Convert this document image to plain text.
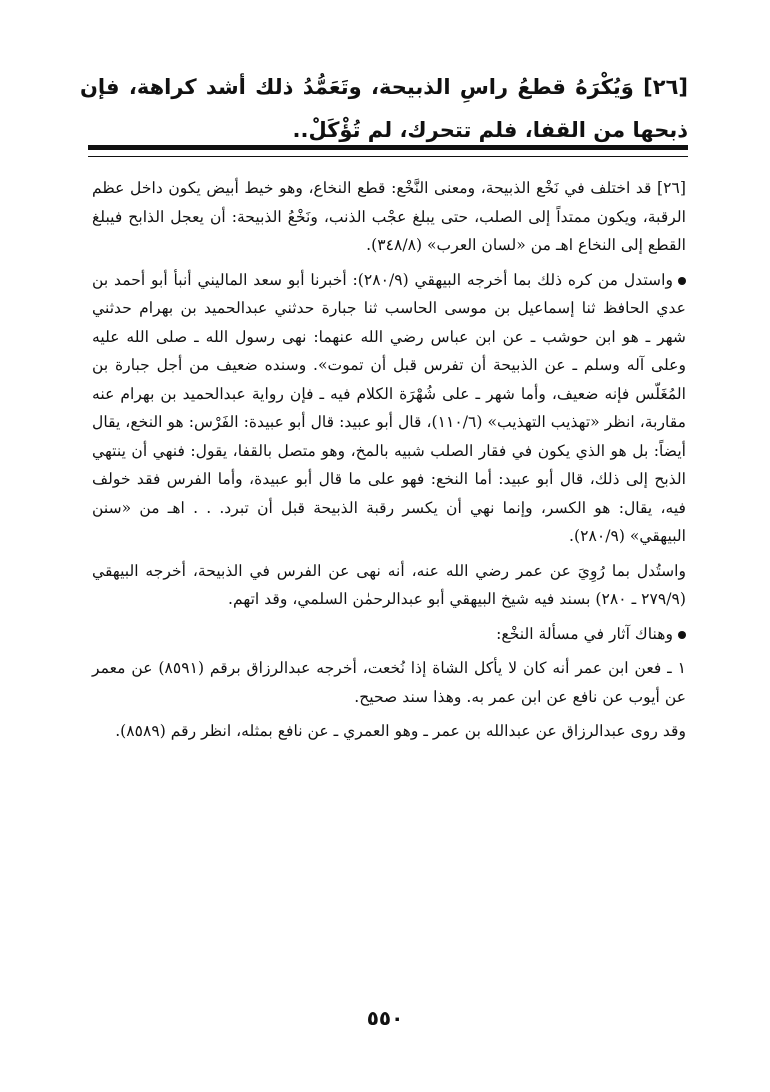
[٢٦] وَيُكْرَهُ قطعُ راسِ الذبيحة، وتَعَمُّدُ ذلك أشد كراهة، فإن ذبحها من القفا، فلم تتحرك، لم تُؤْكَلْ..

[٢٦] قد اختلف في نَخْع الذبيحة، ومعنى النَّخْع: قطع النخاع، وهو خيط أبيض يكون داخل عظم الرقبة، ويكون ممتداً إلى الصلب، حتى يبلغ عجْب الذنب، ونَخْعُ الذبيحة: أن يعجل الذابح فيبلغ القطع إلى النخاع اهـ من «لسان العرب» (٣٤٨/٨).

واستدل من كره ذلك بما أخرجه البيهقي (٢٨٠/٩): أخبرنا أبو سعد الماليني أنبأ أبو أحمد بن عدي الحافظ ثنا إسماعيل بن موسى الحاسب ثنا جبارة حدثني عبدالحميد بن بهرام حدثني شهر ـ هو ابن حوشب ـ عن ابن عباس رضي الله عنهما: نهى رسول الله ـ صلى الله عليه وعلى آله وسلم ـ عن الذبيحة أن تفرس قبل أن تموت». وسنده ضعيف من أجل جبارة بن المُغَلّس فإنه ضعيف، وأما شهر ـ على شُهْرَة الكلام فيه ـ فإن رواية عبدالحميد بن بهرام عنه مقاربة، انظر «تهذيب التهذيب» (١١٠/٦)، قال أبو عبيد: قال أبو عبيدة: الفَرْس: هو النخع، يقال أيضاً: بل هو الذي يكون في فقار الصلب شبيه بالمخ، وهو متصل بالقفا، يقول: فنهي أن ينتهي الذبح إلى ذلك، قال أبو عبيد: أما النخع: فهو على ما قال أبو عبيدة، وأما الفرس فقد خولف فيه، يقال: هو الكسر، وإنما نهي أن يكسر رقبة الذبيحة قبل أن تبرد. . . اهـ من «سنن البيهقي» (٢٨٠/٩).

واستُدل بما رُوِيَ عن عمر رضي الله عنه، أنه نهى عن الفرس في الذبيحة، أخرجه البيهقي (٢٧٩/٩ ـ ٢٨٠) بسند فيه شيخ البيهقي أبو عبدالرحمٰن السلمي، وقد اتهم.

وهناك آثار في مسألة النخْع:

١ ـ فعن ابن عمر أنه كان لا يأكل الشاة إذا نُخعت، أخرجه عبدالرزاق برقم (٨٥٩١) عن معمر عن أيوب عن نافع عن ابن عمر به. وهذا سند صحيح.

وقد روى عبدالرزاق عن عبدالله بن عمر ـ وهو العمري ـ عن نافع بمثله، انظر رقم (٨٥٨٩).

٥٥٠
